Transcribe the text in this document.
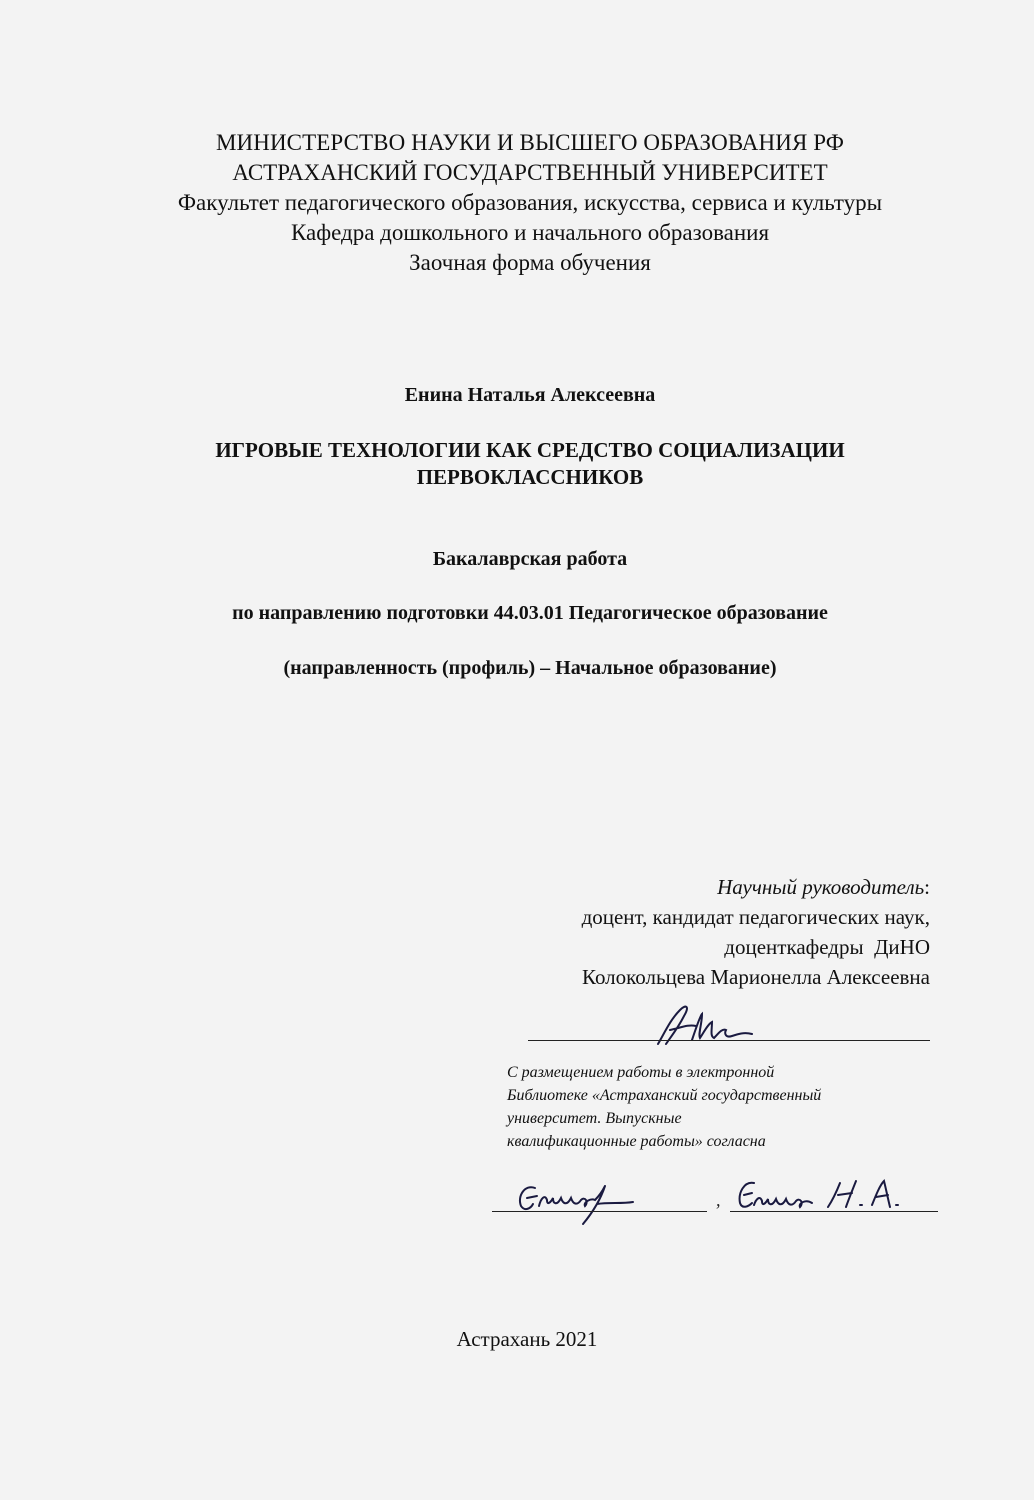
МИНИСТЕРСТВО НАУКИ И ВЫСШЕГО ОБРАЗОВАНИЯ РФ
АСТРАХАНСКИЙ ГОСУДАРСТВЕННЫЙ УНИВЕРСИТЕТ
Факультет педагогического образования, искусства, сервиса и культуры
Кафедра дошкольного и начального образования
Заочная форма обучения
Енина Наталья Алексеевна
ИГРОВЫЕ ТЕХНОЛОГИИ КАК СРЕДСТВО СОЦИАЛИЗАЦИИ
ПЕРВОКЛАССНИКОВ
Бакалаврская работа
по направлению подготовки 44.03.01 Педагогическое образование
(направленность (профиль) – Начальное образование)
Научный руководитель:
доцент, кандидат педагогических наук,
доценткафедры  ДиНО
Колокольцева Марионелла Алексеевна
С размещением работы в электронной
Библиотеке «Астраханский государственный
университет. Выпускные
квалификационные работы» согласна
,
Астрахань 2021
